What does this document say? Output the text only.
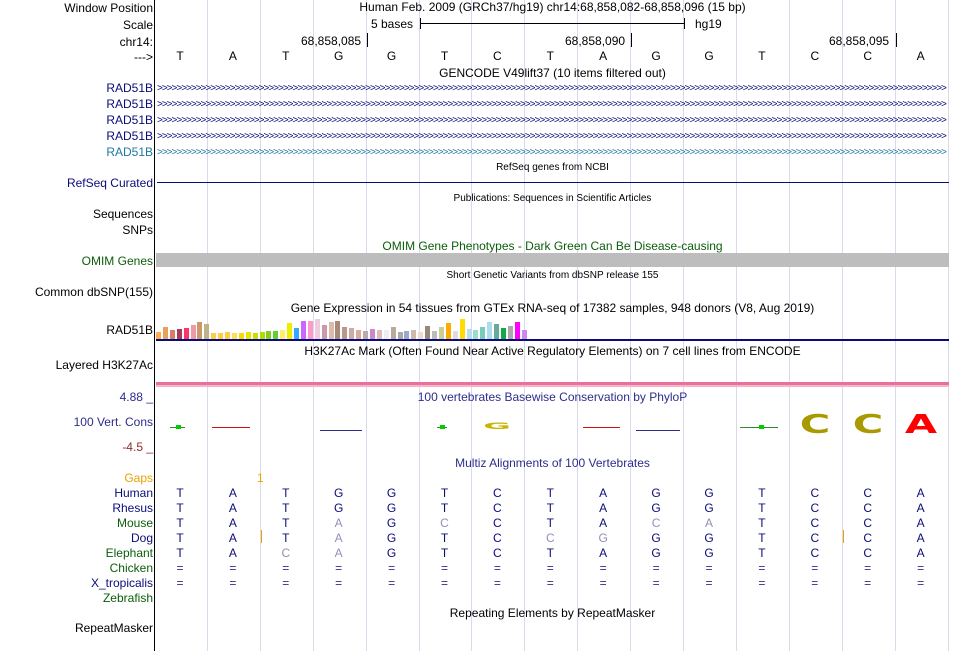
Window Position
Scale
chr14:
--->
Human Feb. 2009 (GRCh37/hg19) chr14:68,858,082-68,858,096 (15 bp)
5 bases	hg19
68,858,085	68,858,090	68,858,095
T	A	T	G	G	T	C	T	A	G	G	T	C	C	A
GENCODE V49lift37 (10 items filtered out)
RAD51B >>>>>>>>>>>>>>>>>>>>>>>>>>>>>>>>>>>>>>>>>>>>>>>>>>>>>>>>>>>>>>>>>>>>>>>>>>>>>>>>>>>>>>>>>>>>>>>>>>>>>>>>>>>>>>>>>>>>>>>>>>>>>>>>>>>>>>>>>>>>>>>>>>>>>>>>>>>>>>>>>>>
RAD51B >>>>>>>>>>>>>>>>>>>>>>>>>>>>>>>>>>>>>>>>>>>>>>>>>>>>>>>>>>>>>>>>>>>>>>>>>>>>>>>>>>>>>>>>>>>>>>>>>>>>>>>>>>>>>>>>>>>>>>>>>>>>>>>>>>>>>>>>>>>>>>>>>>>>>>>>>>>>>>>>>>>
RAD51B >>>>>>>>>>>>>>>>>>>>>>>>>>>>>>>>>>>>>>>>>>>>>>>>>>>>>>>>>>>>>>>>>>>>>>>>>>>>>>>>>>>>>>>>>>>>>>>>>>>>>>>>>>>>>>>>>>>>>>>>>>>>>>>>>>>>>>>>>>>>>>>>>>>>>>>>>>>>>>>>>>>
RAD51B >>>>>>>>>>>>>>>>>>>>>>>>>>>>>>>>>>>>>>>>>>>>>>>>>>>>>>>>>>>>>>>>>>>>>>>>>>>>>>>>>>>>>>>>>>>>>>>>>>>>>>>>>>>>>>>>>>>>>>>>>>>>>>>>>>>>>>>>>>>>>>>>>>>>>>>>>>>>>>>>>>>
RAD51B >>>>>>>>>>>>>>>>>>>>>>>>>>>>>>>>>>>>>>>>>>>>>>>>>>>>>>>>>>>>>>>>>>>>>>>>>>>>>>>>>>>>>>>>>>>>>>>>>>>>>>>>>>>>>>>>>>>>>>>>>>>>>>>>>>>>>>>>>>>>>>>>>>>>>>>>>>>>>>>>>>>
RefSeq genes from NCBI
RefSeq Curated
Publications: Sequences in Scientific Articles
Sequences
SNPs
OMIM Gene Phenotypes - Dark Green Can Be Disease-causing
OMIM Genes
Short Genetic Variants from dbSNP release 155
Common dbSNP(155)
Gene Expression in 54 tissues from GTEx RNA-seq of 17382 samples, 948 donors (V8, Aug 2019)
RAD51B
H3K27Ac Mark (Often Found Near Active Regulatory Elements) on 7 cell lines from ENCODE
Layered H3K27Ac
100 vertebrates Basewise Conservation by PhyloP
4.88 _
100 Vert. Cons
-4.5 _
G	C C A
Multiz Alignments of 100 Vertebrates
Gaps	1
Human	T	A	T	G	G	T	C	T	A	G	G	T	C	C	A
Rhesus	T	A	T	G	G	T	C	T	A	G	G	T	C	C	A
Mouse	T	A	T	A	G	C	C	T	A	C	A	T	C	C	A
Dog	T	A	T	A	G	T	C	C	G	G	G	T	C	C	A
Elephant	T	A	C	A	G	T	C	T	A	G	G	T	C	C	A
Chicken	=	=	=	=	=	=	=	=	=	=	=	=	=	=	=
X_tropicalis	=	=	=	=	=	=	=	=	=	=	=	=	=	=	=
Zebrafish
Repeating Elements by RepeatMasker
RepeatMasker
